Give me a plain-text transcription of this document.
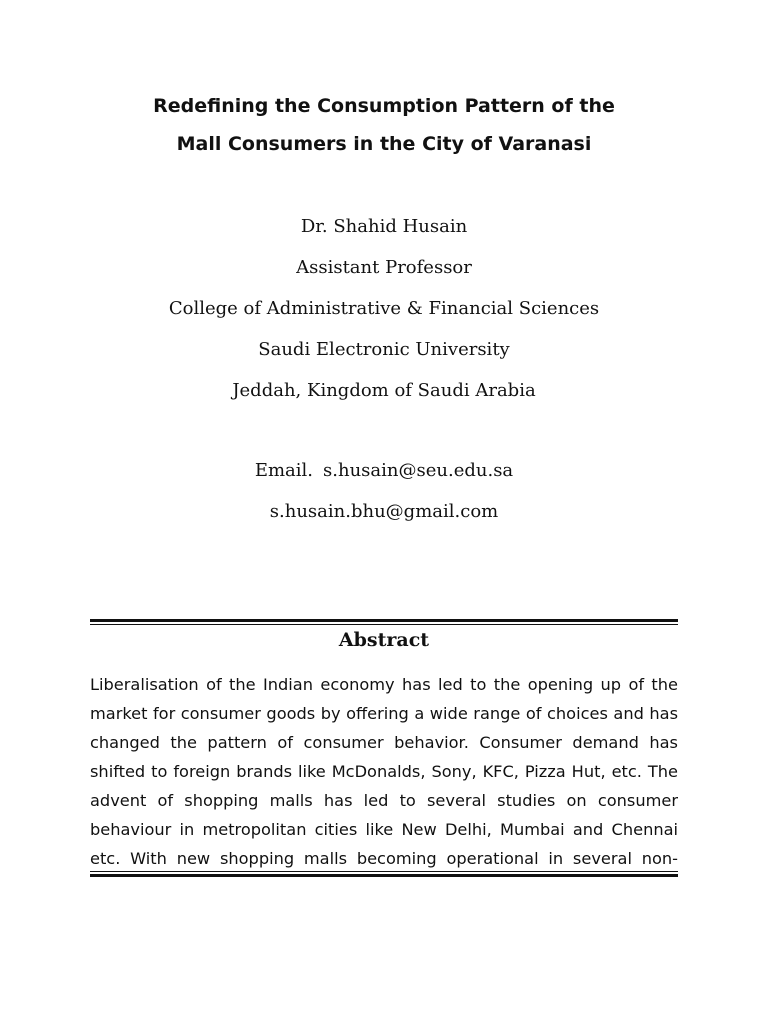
Redefining the Consumption Pattern of the
Mall Consumers in the City of Varanasi
Dr. Shahid Husain
Assistant Professor
College of Administrative & Financial Sciences
Saudi Electronic University
Jeddah, Kingdom of Saudi Arabia
Email. s.husain@seu.edu.sa
s.husain.bhu@gmail.com
Abstract
Liberalisation of the Indian economy has led to the opening up of the
market for consumer goods by offering a wide range of choices and has
changed the pattern of consumer behavior. Consumer demand has
shifted to foreign brands like McDonalds, Sony, KFC, Pizza Hut, etc. The
advent of shopping malls has led to several studies on consumer
behaviour in metropolitan cities like New Delhi, Mumbai and Chennai
etc. With new shopping malls becoming operational in several non-
